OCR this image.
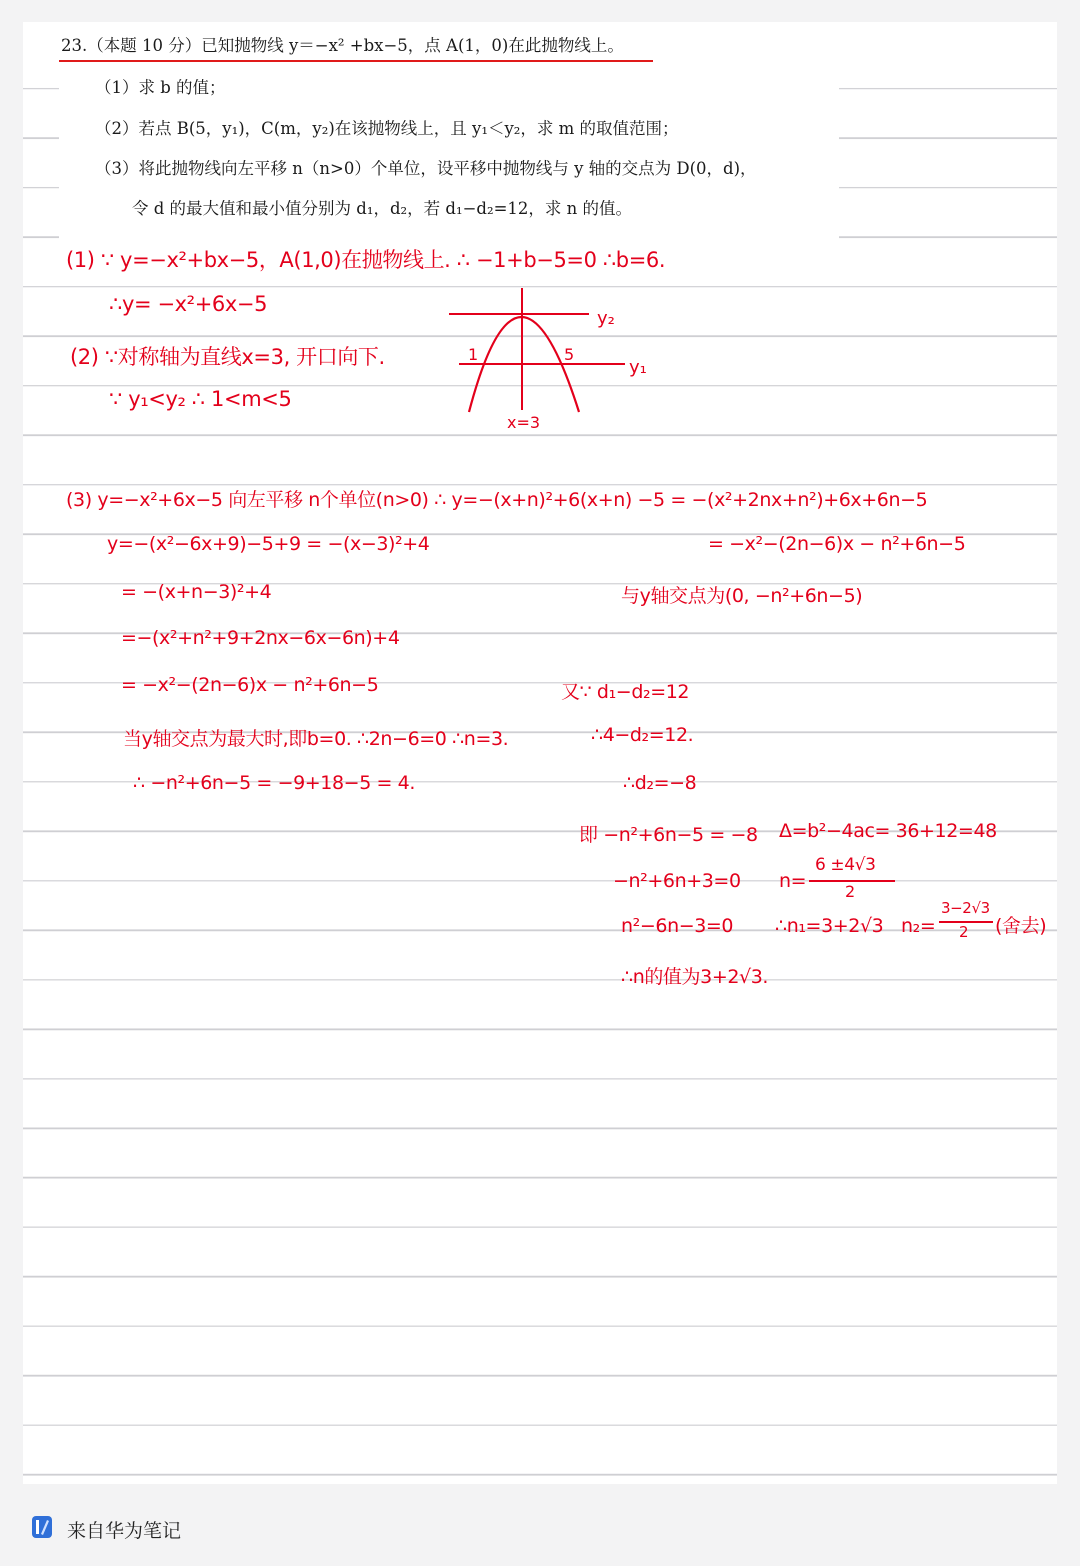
23.（本题 10 分）已知抛物线 y＝−x² +bx−5，点 A(1，0)在此抛物线上。
（1）求 b 的值；
（2）若点 B(5，y₁)，C(m，y₂)在该抛物线上，且 y₁＜y₂，求 m 的取值范围；
（3）将此抛物线向左平移 n（n>0）个单位，设平移中抛物线与 y 轴的交点为 D(0，d)，
令 d 的最大值和最小值分别为 d₁，d₂，若 d₁−d₂=12，求 n 的值。
(1) ∵ y=−x²+bx−5，A(1,0)在抛物线上. ∴ −1+b−5=0 ∴b=6.
∴y= −x²+6x−5
(2) ∵对称轴为直线x=3, 开口向下.
∵ y₁<y₂ ∴ 1<m<5
y₂
y₁
1	5
x=3
(3) y=−x²+6x−5 向左平移 n个单位(n>0) ∴ y=−(x+n)²+6(x+n) −5 = −(x²+2nx+n²)+6x+6n−5
y=−(x²−6x+9)−5+9 = −(x−3)²+4
= −(x+n−3)²+4
=−(x²+n²+9+2nx−6x−6n)+4
= −x²−(2n−6)x − n²+6n−5
当y轴交点为最大时,即b=0. ∴2n−6=0 ∴n=3.
∴ −n²+6n−5 = −9+18−5 = 4.
= −x²−(2n−6)x − n²+6n−5
与y轴交点为(0, −n²+6n−5)
又∵ d₁−d₂=12
∴4−d₂=12.
∴d₂=−8
即 −n²+6n−5 = −8
−n²+6n+3=0
n²−6n−3=0
∴n的值为3+2√3.
Δ=b²−4ac= 36+12=48
n=
6 ±4√3
2
∴n₁=3+2√3 n₂=
3−2√3
2 (舍去)
来自华为笔记
